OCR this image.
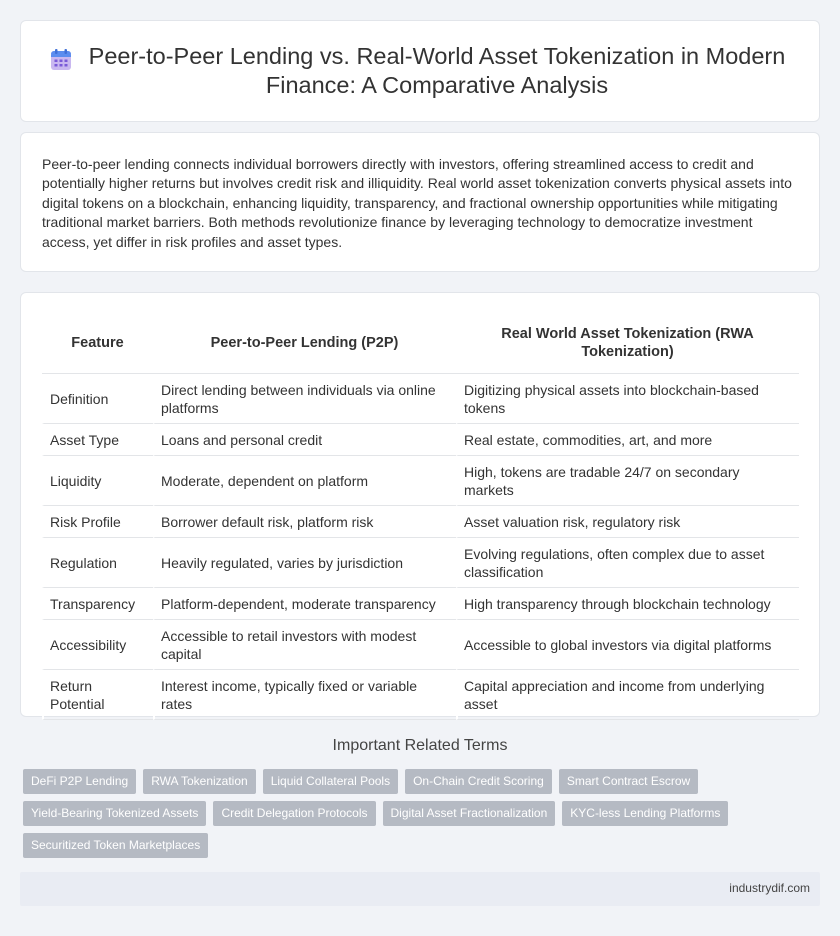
Peer-to-Peer Lending vs. Real-World Asset Tokenization in Modern Finance: A Comparative Analysis

Peer-to-peer lending connects individual borrowers directly with investors, offering streamlined access to credit and potentially higher returns but involves credit risk and illiquidity. Real world asset tokenization converts physical assets into digital tokens on a blockchain, enhancing liquidity, transparency, and fractional ownership opportunities while mitigating traditional market barriers. Both methods revolutionize finance by leveraging technology to democratize investment access, yet differ in risk profiles and asset types.

Feature	Peer-to-Peer Lending (P2P)	Real World Asset Tokenization (RWA Tokenization)
Definition	Direct lending between individuals via online platforms	Digitizing physical assets into blockchain-based tokens
Asset Type	Loans and personal credit	Real estate, commodities, art, and more
Liquidity	Moderate, dependent on platform	High, tokens are tradable 24/7 on secondary markets
Risk Profile	Borrower default risk, platform risk	Asset valuation risk, regulatory risk
Regulation	Heavily regulated, varies by jurisdiction	Evolving regulations, often complex due to asset classification
Transparency	Platform-dependent, moderate transparency	High transparency through blockchain technology
Accessibility	Accessible to retail investors with modest capital	Accessible to global investors via digital platforms
Return Potential	Interest income, typically fixed or variable rates	Capital appreciation and income from underlying asset
Important Related Terms
DeFi P2P Lending	RWA Tokenization	Liquid Collateral Pools	On-Chain Credit Scoring	Smart Contract Escrow
Yield-Bearing Tokenized Assets	Credit Delegation Protocols	Digital Asset Fractionalization	KYC-less Lending Platforms
Securitized Token Marketplaces
industrydif.com
